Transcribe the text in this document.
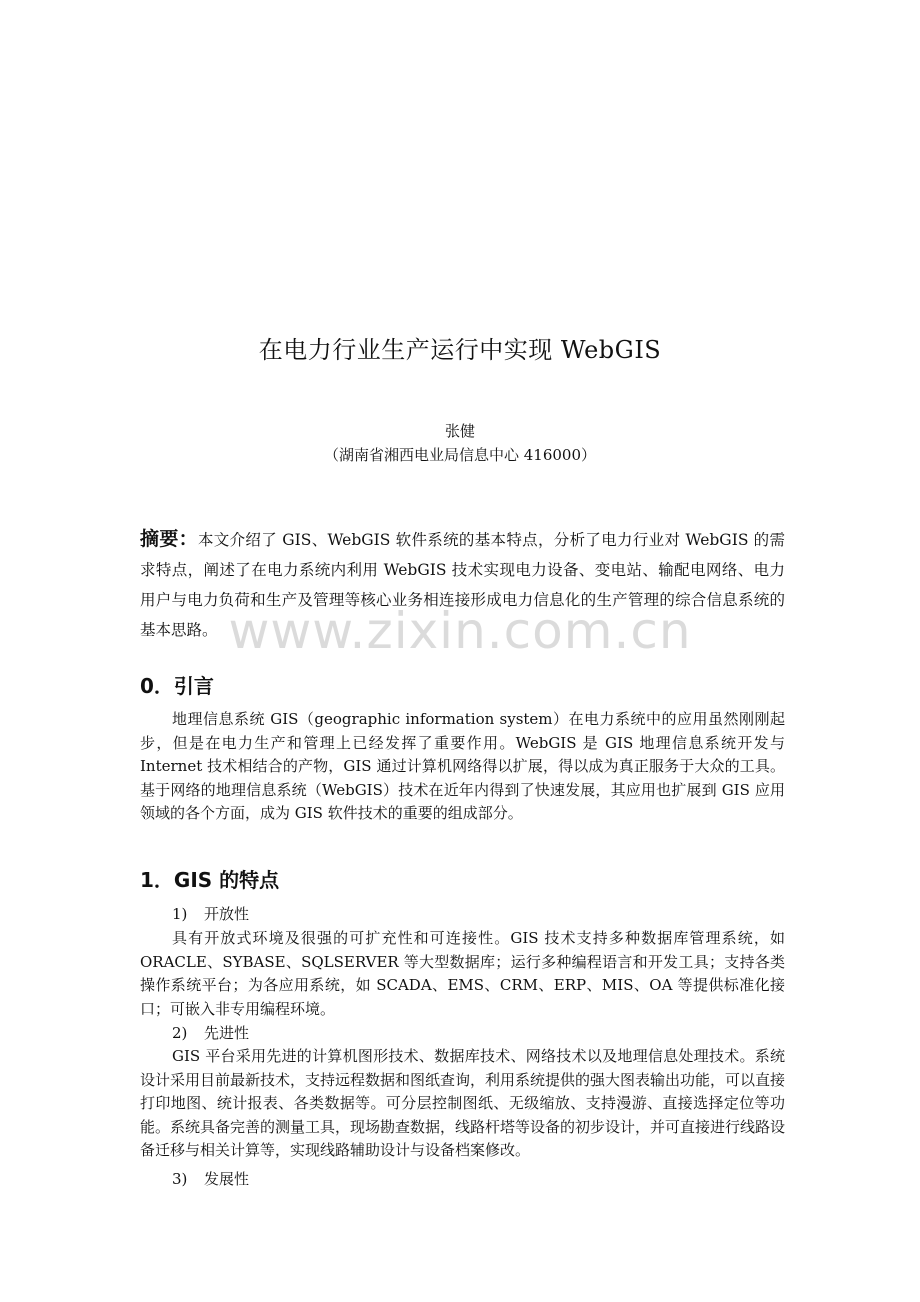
在电力行业生产运行中实现 WebGIS
张健
（湖南省湘西电业局信息中心 416000）

摘要：本文介绍了 GIS、WebGIS 软件系统的基本特点，分析了电力行业对 WebGIS 的需求特点，阐述了在电力系统内利用 WebGIS 技术实现电力设备、变电站、输配电网络、电力用户与电力负荷和生产及管理等核心业务相连接形成电力信息化的生产管理的综合信息系统的基本思路。 www.zixin.com.cn
0．引言

地理信息系统 GIS（geographic information system）在电力系统中的应用虽然刚刚起步，但是在电力生产和管理上已经发挥了重要作用。WebGIS 是 GIS 地理信息系统开发与 Internet 技术相结合的产物，GIS 通过计算机网络得以扩展，得以成为真正服务于大众的工具。基于网络的地理信息系统（WebGIS）技术在近年内得到了快速发展，其应用也扩展到 GIS 应用领域的各个方面，成为 GIS 软件技术的重要的组成部分。

1．GIS 的特点

1) 开放性

具有开放式环境及很强的可扩充性和可连接性。GIS 技术支持多种数据库管理系统，如 ORACLE、SYBASE、SQLSERVER 等大型数据库；运行多种编程语言和开发工具；支持各类操作系统平台；为各应用系统，如 SCADA、EMS、CRM、ERP、MIS、OA 等提供标准化接口；可嵌入非专用编程环境。

2) 先进性

GIS 平台采用先进的计算机图形技术、数据库技术、网络技术以及地理信息处理技术。系统设计采用目前最新技术，支持远程数据和图纸查询，利用系统提供的强大图表输出功能，可以直接打印地图、统计报表、各类数据等。可分层控制图纸、无级缩放、支持漫游、直接选择定位等功能。系统具备完善的测量工具，现场勘查数据，线路杆塔等设备的初步设计，并可直接进行线路设备迁移与相关计算等，实现线路辅助设计与设备档案修改。

3) 发展性
